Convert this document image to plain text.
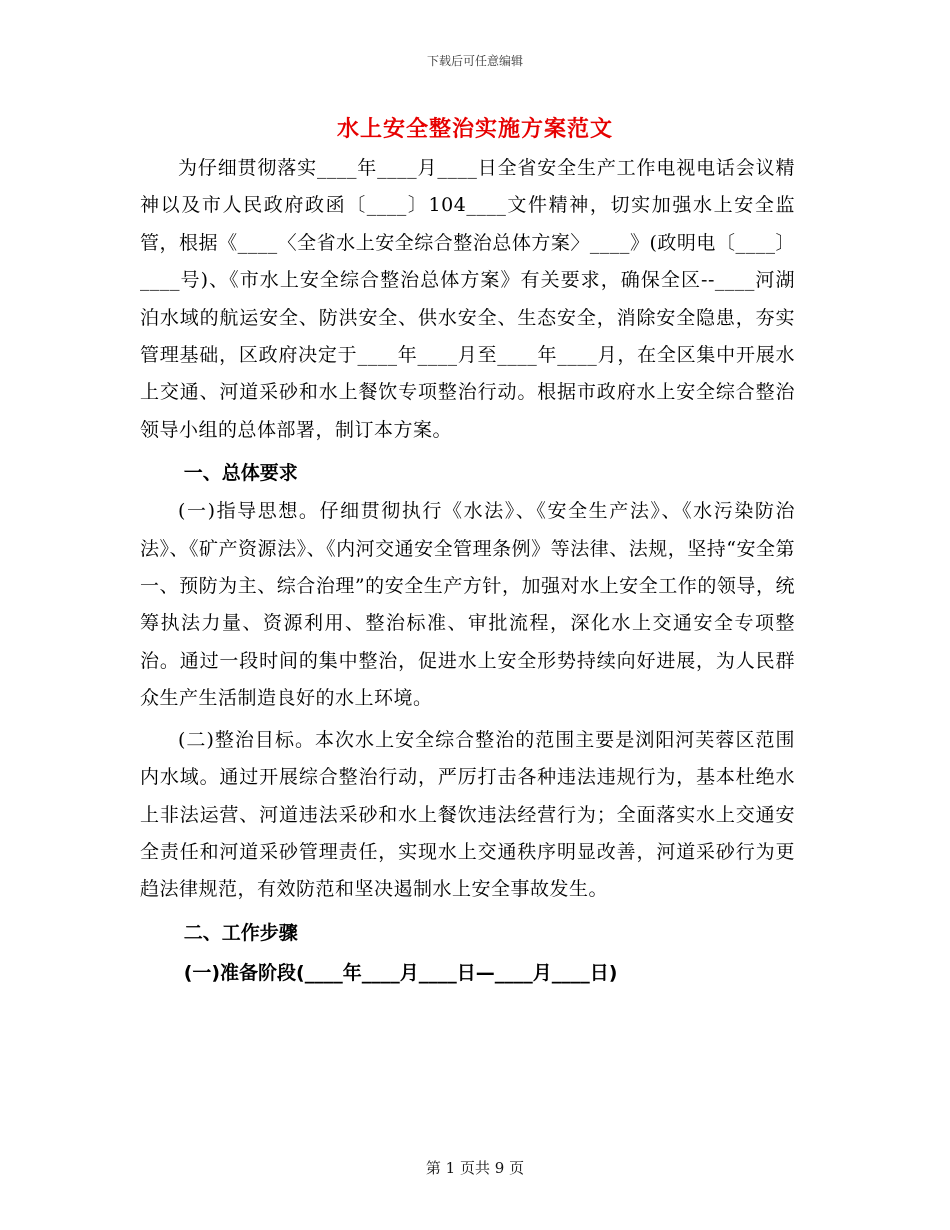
下载后可任意编辑
水上安全整治实施方案范文

为仔细贯彻落实____年____月____日全省安全生产工作电视电话会议精神以及市人民政府政函〔____〕104____文件精神，切实加强水上安全监管，根据《____〈全省水上安全综合整治总体方案〉____》(政明电〔____〕____号)、《市水上安全综合整治总体方案》有关要求，确保全区--____河湖泊水域的航运安全、防洪安全、供水安全、生态安全，消除安全隐患，夯实管理基础，区政府决定于____年____月至____年____月，在全区集中开展水上交通、河道采砂和水上餐饮专项整治行动。根据市政府水上安全综合整治领导小组的总体部署，制订本方案。

一、总体要求

(一)指导思想。仔细贯彻执行《水法》、《安全生产法》、《水污染防治法》、《矿产资源法》、《内河交通安全管理条例》等法律、法规，坚持“安全第一、预防为主、综合治理”的安全生产方针，加强对水上安全工作的领导，统筹执法力量、资源利用、整治标准、审批流程，深化水上交通安全专项整治。通过一段时间的集中整治，促进水上安全形势持续向好进展，为人民群众生产生活制造良好的水上环境。

(二)整治目标。本次水上安全综合整治的范围主要是浏阳河芙蓉区范围内水域。通过开展综合整治行动，严厉打击各种违法违规行为，基本杜绝水上非法运营、河道违法采砂和水上餐饮违法经营行为；全面落实水上交通安全责任和河道采砂管理责任，实现水上交通秩序明显改善，河道采砂行为更趋法律规范，有效防范和坚决遏制水上安全事故发生。

二、工作步骤

(一)准备阶段(____年____月____日—____月____日)

第 1 页共 9 页
